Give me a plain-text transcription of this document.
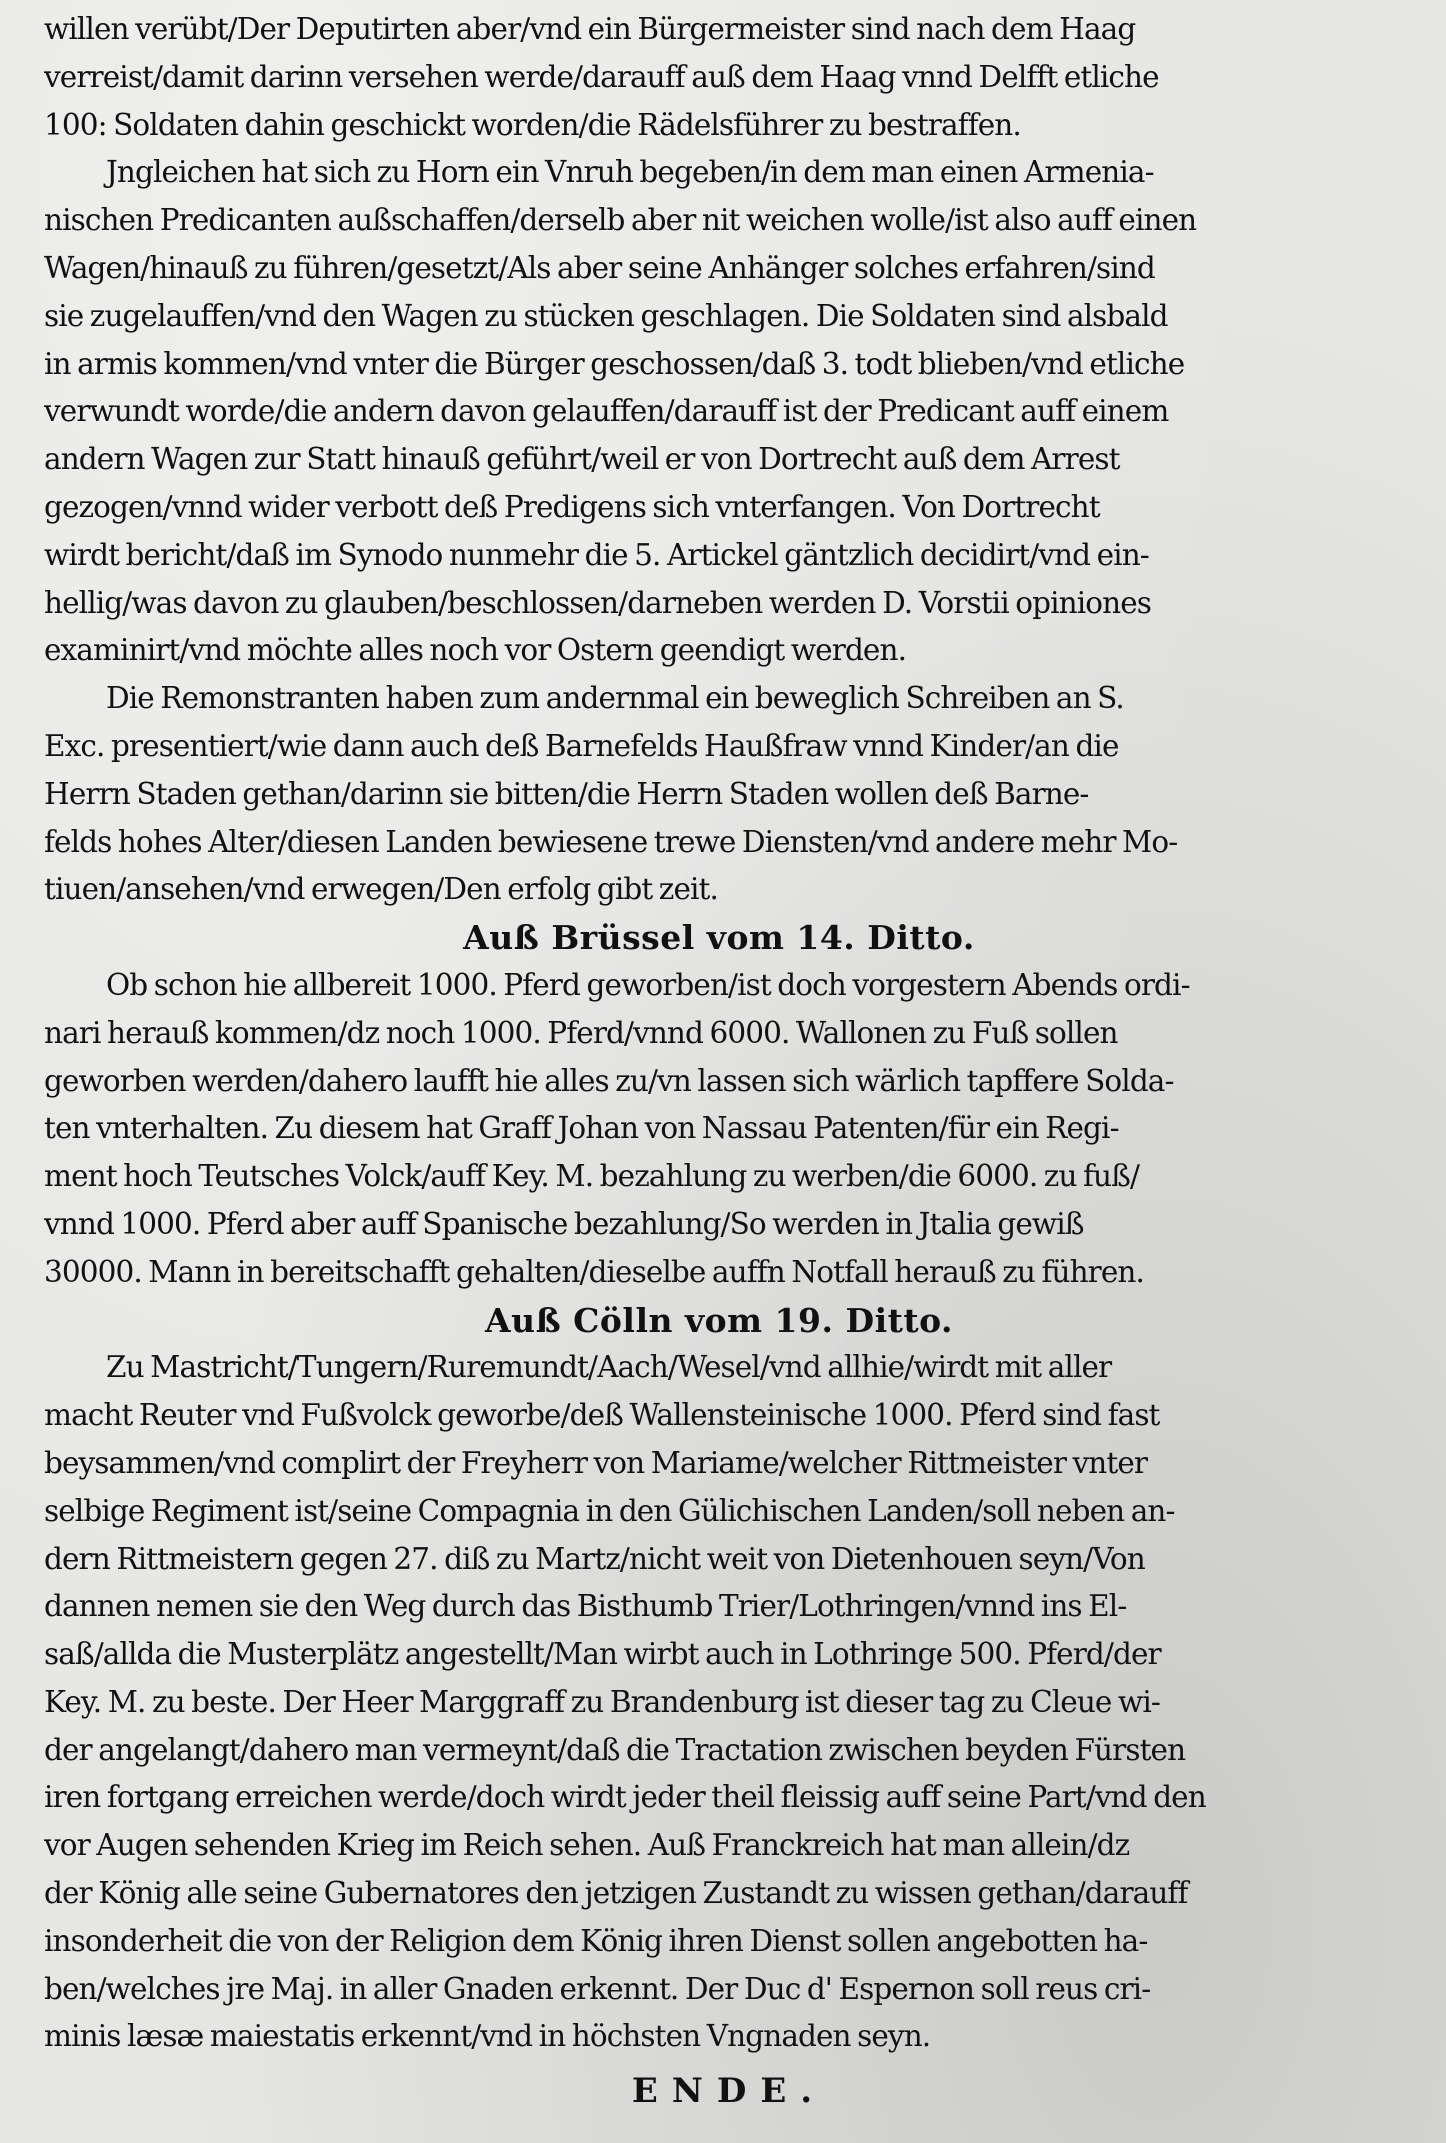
willen verübt/Der Deputirten aber/vnd ein Bürgermeister sind nach dem Haag
verreist/damit darinn versehen werde/darauff auß dem Haag vnnd Delfft etliche
100: Soldaten dahin geschickt worden/die Rädelsführer zu bestraffen.
Jngleichen hat sich zu Horn ein Vnruh begeben/in dem man einen Armenia-
nischen Predicanten außschaffen/derselb aber nit weichen wolle/ist also auff einen
Wagen/hinauß zu führen/gesetzt/Als aber seine Anhänger solches erfahren/sind
sie zugelauffen/vnd den Wagen zu stücken geschlagen. Die Soldaten sind alsbald
in armis kommen/vnd vnter die Bürger geschossen/daß 3. todt blieben/vnd etliche
verwundt worde/die andern davon gelauffen/darauff ist der Predicant auff einem
andern Wagen zur Statt hinauß geführt/weil er von Dortrecht auß dem Arrest
gezogen/vnnd wider verbott deß Predigens sich vnterfangen. Von Dortrecht
wirdt bericht/daß im Synodo nunmehr die 5. Artickel gäntzlich decidirt/vnd ein-
hellig/was davon zu glauben/beschlossen/darneben werden D. Vorstii opiniones
examinirt/vnd möchte alles noch vor Ostern geendigt werden.
Die Remonstranten haben zum andernmal ein beweglich Schreiben an S.
Exc. presentiert/wie dann auch deß Barnefelds Haußfraw vnnd Kinder/an die
Herrn Staden gethan/darinn sie bitten/die Herrn Staden wollen deß Barne-
felds hohes Alter/diesen Landen bewiesene trewe Diensten/vnd andere mehr Mo-
tiuen/ansehen/vnd erwegen/Den erfolg gibt zeit.
Auß Brüssel vom 14. Ditto.
Ob schon hie allbereit 1000. Pferd geworben/ist doch vorgestern Abends ordi-
nari herauß kommen/dz noch 1000. Pferd/vnnd 6000. Wallonen zu Fuß sollen
geworben werden/dahero laufft hie alles zu/vn lassen sich wärlich tapffere Solda-
ten vnterhalten. Zu diesem hat Graff Johan von Nassau Patenten/für ein Regi-
ment hoch Teutsches Volck/auff Key. M. bezahlung zu werben/die 6000. zu fuß/
vnnd 1000. Pferd aber auff Spanische bezahlung/So werden in Jtalia gewiß
30000. Mann in bereitschafft gehalten/dieselbe auffn Notfall herauß zu führen.
Auß Cölln vom 19. Ditto.
Zu Mastricht/Tungern/Ruremundt/Aach/Wesel/vnd allhie/wirdt mit aller
macht Reuter vnd Fußvolck geworbe/deß Wallensteinische 1000. Pferd sind fast
beysammen/vnd complirt der Freyherr von Mariame/welcher Rittmeister vnter
selbige Regiment ist/seine Compagnia in den Gülichischen Landen/soll neben an-
dern Rittmeistern gegen 27. diß zu Martz/nicht weit von Dietenhouen seyn/Von
dannen nemen sie den Weg durch das Bisthumb Trier/Lothringen/vnnd ins El-
saß/allda die Musterplätz angestellt/Man wirbt auch in Lothringe 500. Pferd/der
Key. M. zu beste. Der Heer Marggraff zu Brandenburg ist dieser tag zu Cleue wi-
der angelangt/dahero man vermeynt/daß die Tractation zwischen beyden Fürsten
iren fortgang erreichen werde/doch wirdt jeder theil fleissig auff seine Part/vnd den
vor Augen sehenden Krieg im Reich sehen. Auß Franckreich hat man allein/dz
der König alle seine Gubernatores den jetzigen Zustandt zu wissen gethan/darauff
insonderheit die von der Religion dem König ihren Dienst sollen angebotten ha-
ben/welches jre Maj. in aller Gnaden erkennt. Der Duc d' Espernon soll reus cri-
minis læsæ maiestatis erkennt/vnd in höchsten Vngnaden seyn.
ENDE.
